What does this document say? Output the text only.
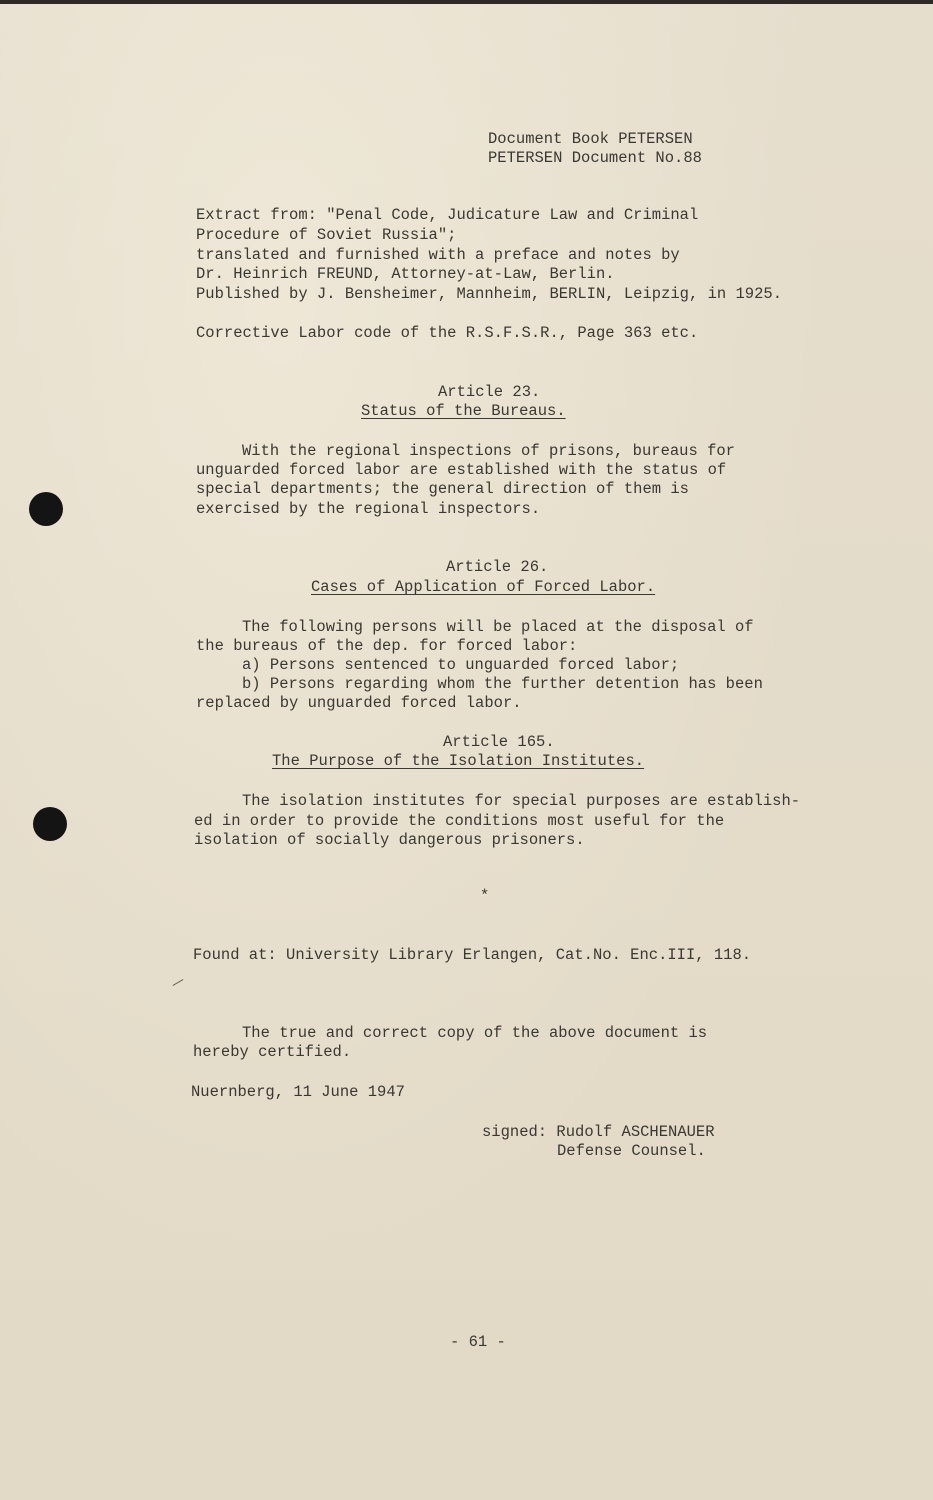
Document Book PETERSEN
PETERSEN Document No.88
Extract from: "Penal Code, Judicature Law and Criminal
Procedure of Soviet Russia";
translated and furnished with a preface and notes by
Dr. Heinrich FREUND, Attorney-at-Law, Berlin.
Published by J. Bensheimer, Mannheim, BERLIN, Leipzig, in 1925.
Corrective Labor code of the R.S.F.S.R., Page 363 etc.
Article 23.
Status of the Bureaus.
With the regional inspections of prisons, bureaus for
unguarded forced labor are established with the status of
special departments; the general direction of them is
exercised by the regional inspectors.
Article 26.
Cases of Application of Forced Labor.
The following persons will be placed at the disposal of
the bureaus of the dep. for forced labor:
a) Persons sentenced to unguarded forced labor;
b) Persons regarding whom the further detention has been
replaced by unguarded forced labor.
Article 165.
The Purpose of the Isolation Institutes.
The isolation institutes for special purposes are establish-
ed in order to provide the conditions most useful for the
isolation of socially dangerous prisoners.
*
Found at: University Library Erlangen, Cat.No. Enc.III, 118.
The true and correct copy of the above document is
hereby certified.
Nuernberg, 11 June 1947
signed: Rudolf ASCHENAUER
Defense Counsel.
- 61 -
